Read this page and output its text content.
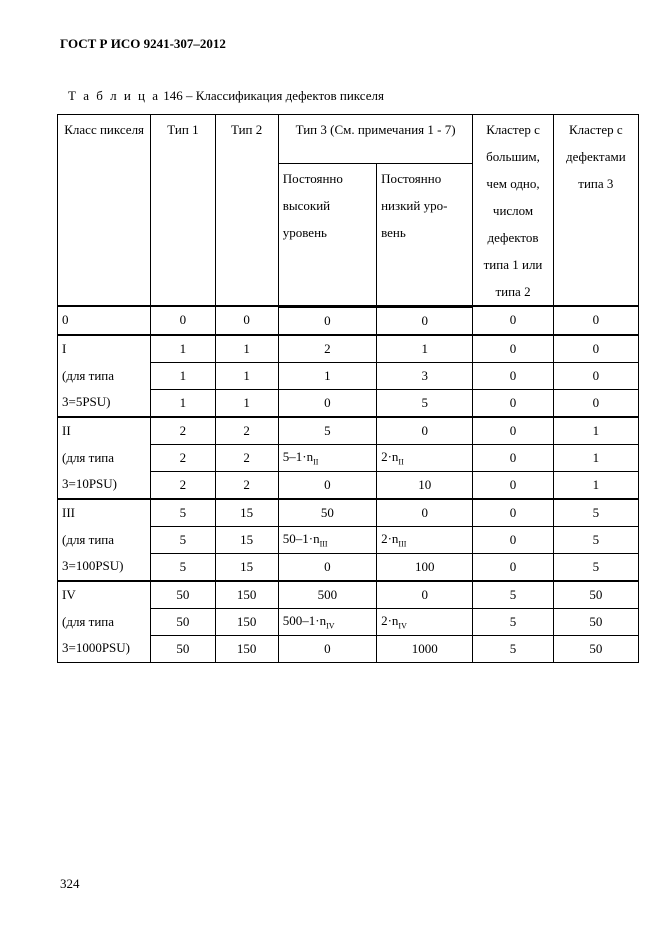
ГОСТ Р ИСО 9241-307–2012
Т а б л и ц а 146 – Классификация дефектов пикселя
Класс пикселя	Тип 1	Тип 2	Тип 3 (См. примечания 1 - 7)		Кластер с большим, чем одно, числом дефектов типа 1 или типа 2	Кластер с дефектами типа 3
			Постоянно высокий уровень	Постоянно низкий уро-вень		
0	0	0	0	0	0	0
I	1	1	2	1	0	0
(для типа	1	1	1	3	0	0
3=5PSU)	1	1	0	5	0	0
II	2	2	5	0	0	1
(для типа	2	2	$5-1\cdot n_{II}$	$2\cdot n_{II}$	0	1
3=10PSU)	2	2	0	10	0	1
III	5	15	50	0	0	5
(для типа	5	15	$50-1\cdot n_{III}$	$2\cdot n_{III}$	0	5
3=100PSU)	5	15	0	100	0	5
IV	50	150	500	0	5	50
(для типа	50	150	$500-1\cdot n_{IV}$	$2\cdot n_{IV}$	5	50
3=1000PSU)	50	150	0	1000	5	50
324
